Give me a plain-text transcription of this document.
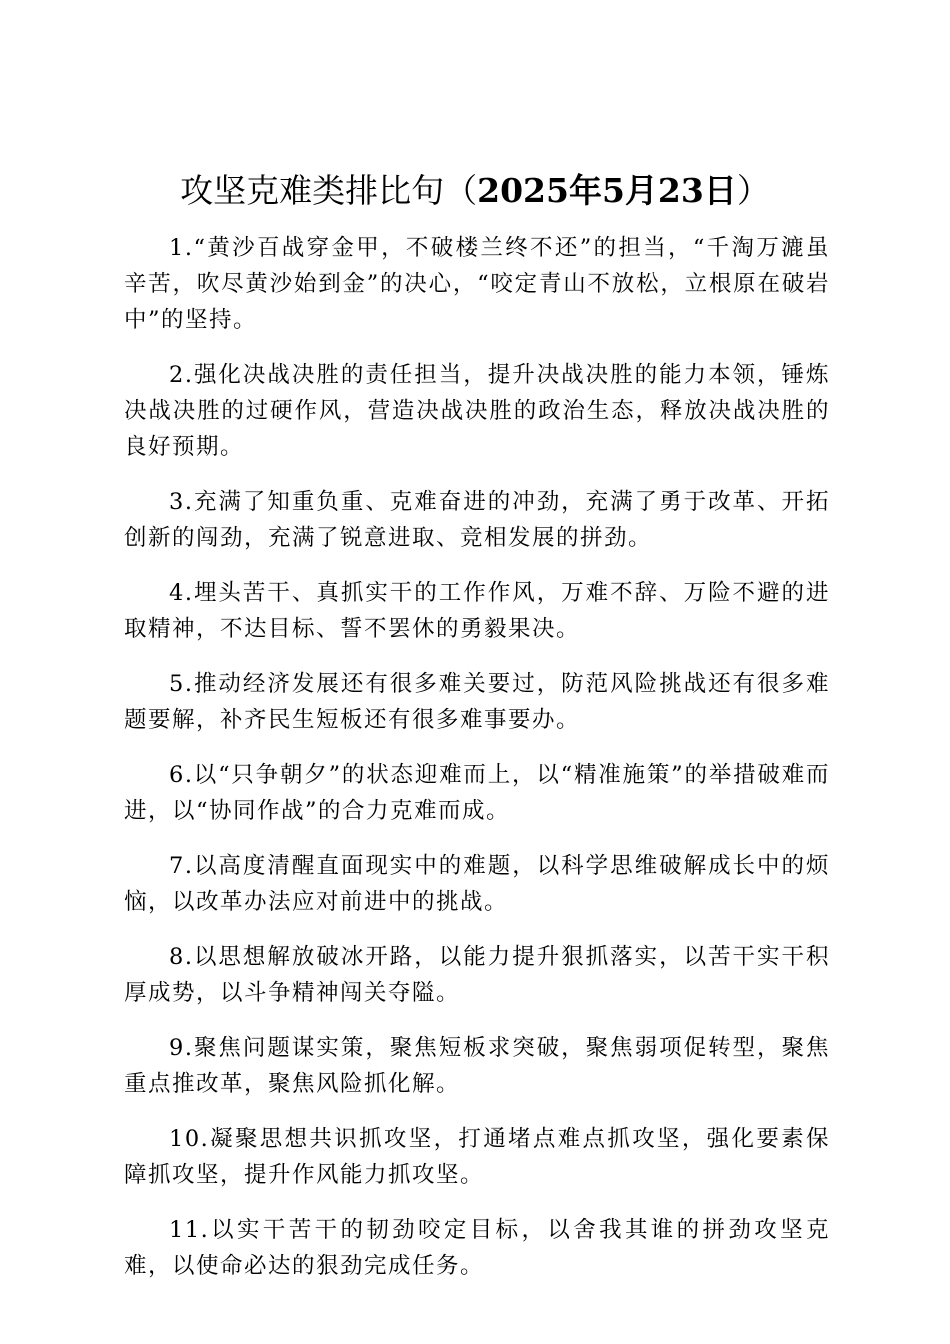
攻坚克难类排比句（2025年5月23日）

1.“黄沙百战穿金甲，不破楼兰终不还”的担当，“千淘万漉虽辛苦，吹尽黄沙始到金”的决心，“咬定青山不放松，立根原在破岩中”的坚持。

2.强化决战决胜的责任担当，提升决战决胜的能力本领，锤炼决战决胜的过硬作风，营造决战决胜的政治生态，释放决战决胜的良好预期。

3.充满了知重负重、克难奋进的冲劲，充满了勇于改革、开拓创新的闯劲，充满了锐意进取、竞相发展的拼劲。

4.埋头苦干、真抓实干的工作作风，万难不辞、万险不避的进取精神，不达目标、誓不罢休的勇毅果决。

5.推动经济发展还有很多难关要过，防范风险挑战还有很多难题要解，补齐民生短板还有很多难事要办。

6.以“只争朝夕”的状态迎难而上，以“精准施策”的举措破难而进，以“协同作战”的合力克难而成。

7.以高度清醒直面现实中的难题，以科学思维破解成长中的烦恼，以改革办法应对前进中的挑战。

8.以思想解放破冰开路，以能力提升狠抓落实，以苦干实干积厚成势，以斗争精神闯关夺隘。

9.聚焦问题谋实策，聚焦短板求突破，聚焦弱项促转型，聚焦重点推改革，聚焦风险抓化解。

10.凝聚思想共识抓攻坚，打通堵点难点抓攻坚，强化要素保障抓攻坚，提升作风能力抓攻坚。

11.以实干苦干的韧劲咬定目标，以舍我其谁的拼劲攻坚克难，以使命必达的狠劲完成任务。
